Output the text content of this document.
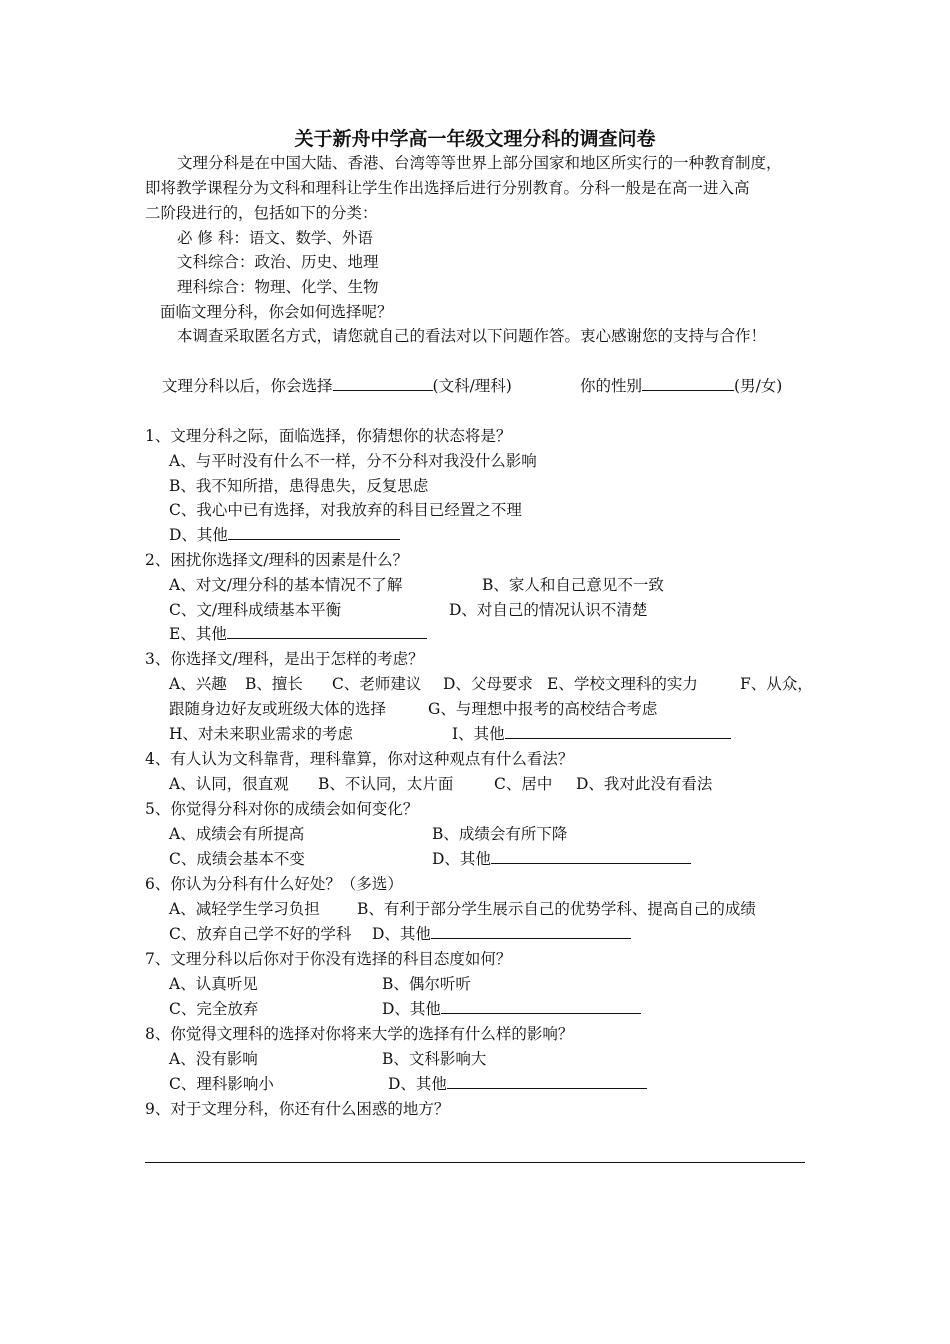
关于新舟中学高一年级文理分科的调查问卷
文理分科是在中国大陆、香港、台湾等等世界上部分国家和地区所实行的一种教育制度，
即将教学课程分为文科和理科让学生作出选择后进行分别教育。分科一般是在高一进入高
二阶段进行的，包括如下的分类：
必 修 科：语文、数学、外语
文科综合：政治、历史、地理
理科综合：物理、化学、生物
面临文理分科，你会如何选择呢？
本调查采取匿名方式，请您就自己的看法对以下问题作答。衷心感谢您的支持与合作！
文理分科以后，你会选择	(文科/理科)	你的性别	(男/女)
1、文理分科之际，面临选择，你猜想你的状态将是？
A、与平时没有什么不一样，分不分科对我没什么影响
B、我不知所措，患得患失，反复思虑
C、我心中已有选择，对我放弃的科目已经置之不理
D、其他
2、困扰你选择文/理科的因素是什么？
A、对文/理分科的基本情况不了解	B、家人和自己意见不一致
C、文/理科成绩基本平衡	D、对自己的情况认识不清楚
E、其他
3、你选择文/理科，是出于怎样的考虑？
A、兴趣 B、擅长 C、老师建议 D、父母要求 E、学校文理科的实力	F、从众，
跟随身边好友或班级大体的选择	G、与理想中报考的高校结合考虑
H、对未来职业需求的考虑	I、其他
4、有人认为文科靠背，理科靠算，你对这种观点有什么看法？
A、认同，很直观 B、不认同，太片面	C、居中 D、我对此没有看法
5、你觉得分科对你的成绩会如何变化？
A、成绩会有所提高	B、成绩会有所下降
C、成绩会基本不变	D、其他
6、你认为分科有什么好处？（多选）
A、减轻学生学习负担 B、有利于部分学生展示自己的优势学科、提高自己的成绩
C、放弃自己学不好的学科 D、其他
7、文理分科以后你对于你没有选择的科目态度如何？
A、认真听见	B、偶尔听听
C、完全放弃	D、其他
8、你觉得文理科的选择对你将来大学的选择有什么样的影响？
A、没有影响	B、文科影响大
C、理科影响小	D、其他
9、对于文理分科，你还有什么困惑的地方？
